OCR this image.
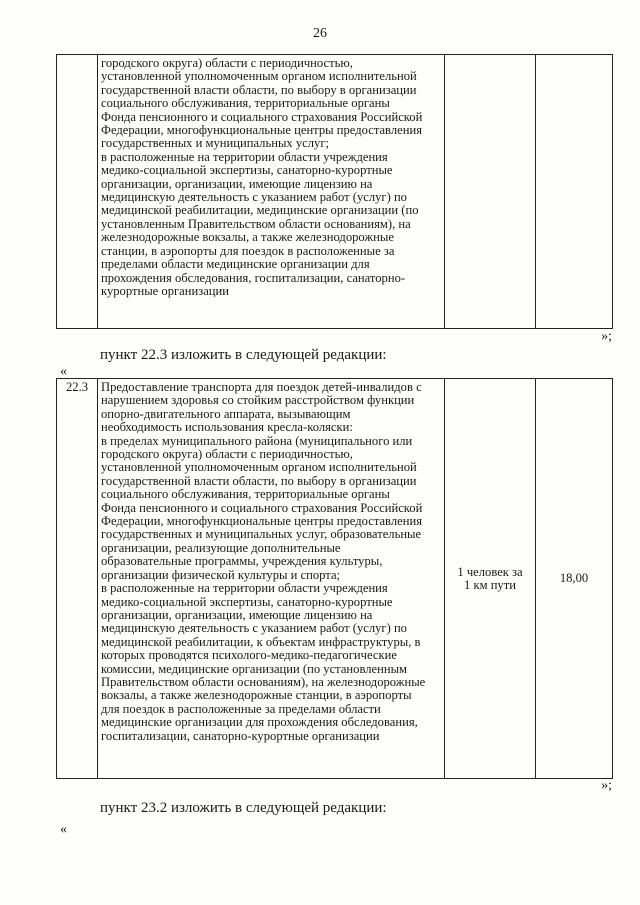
26

городского округа) области с периодичностью,
установленной уполномоченным органом исполнительной
государственной власти области, по выбору в организации
социального обслуживания, территориальные органы
Фонда пенсионного и социального страхования Российской
Федерации, многофункциональные центры предоставления
государственных и муниципальных услуг;
в расположенные на территории области учреждения
медико-социальной экспертизы, санаторно-курортные
организации, организации, имеющие лицензию на
медицинскую деятельность с указанием работ (услуг) по
медицинской реабилитации, медицинские организации (по
установленным Правительством области основаниям), на
железнодорожные вокзалы, а также железнодорожные
станции, в аэропорты для поездок в расположенные за
пределами области медицинские организации для
прохождения обследования, госпитализации, санаторно-
курортные организации

»;
пункт 22.3 изложить в следующей редакции:
«
22.3	Предоставление транспорта для поездок детей-инвалидов с
нарушением здоровья со стойким расстройством функции
опорно-двигательного аппарата, вызывающим
необходимость использования кресла-коляски:
в пределах муниципального района (муниципального или
городского округа) области с периодичностью,
установленной уполномоченным органом исполнительной
государственной власти области, по выбору в организации
социального обслуживания, территориальные органы
Фонда пенсионного и социального страхования Российской
Федерации, многофункциональные центры предоставления
государственных и муниципальных услуг, образовательные
организации, реализующие дополнительные
образовательные программы, учреждения культуры,
организации физической культуры и спорта;
в расположенные на территории области учреждения
медико-социальной экспертизы, санаторно-курортные
организации, организации, имеющие лицензию на
медицинскую деятельность с указанием работ (услуг) по
медицинской реабилитации, к объектам инфраструктуры, в
которых проводятся психолого-медико-педагогические
комиссии, медицинские организации (по установленным
Правительством области основаниям), на железнодорожные
вокзалы, а также железнодорожные станции, в аэропорты
для поездок в расположенные за пределами области
медицинские организации для прохождения обследования,
госпитализации, санаторно-курортные организации

1 человек за
1 км пути	18,00
»;
пункт 23.2 изложить в следующей редакции:
«
